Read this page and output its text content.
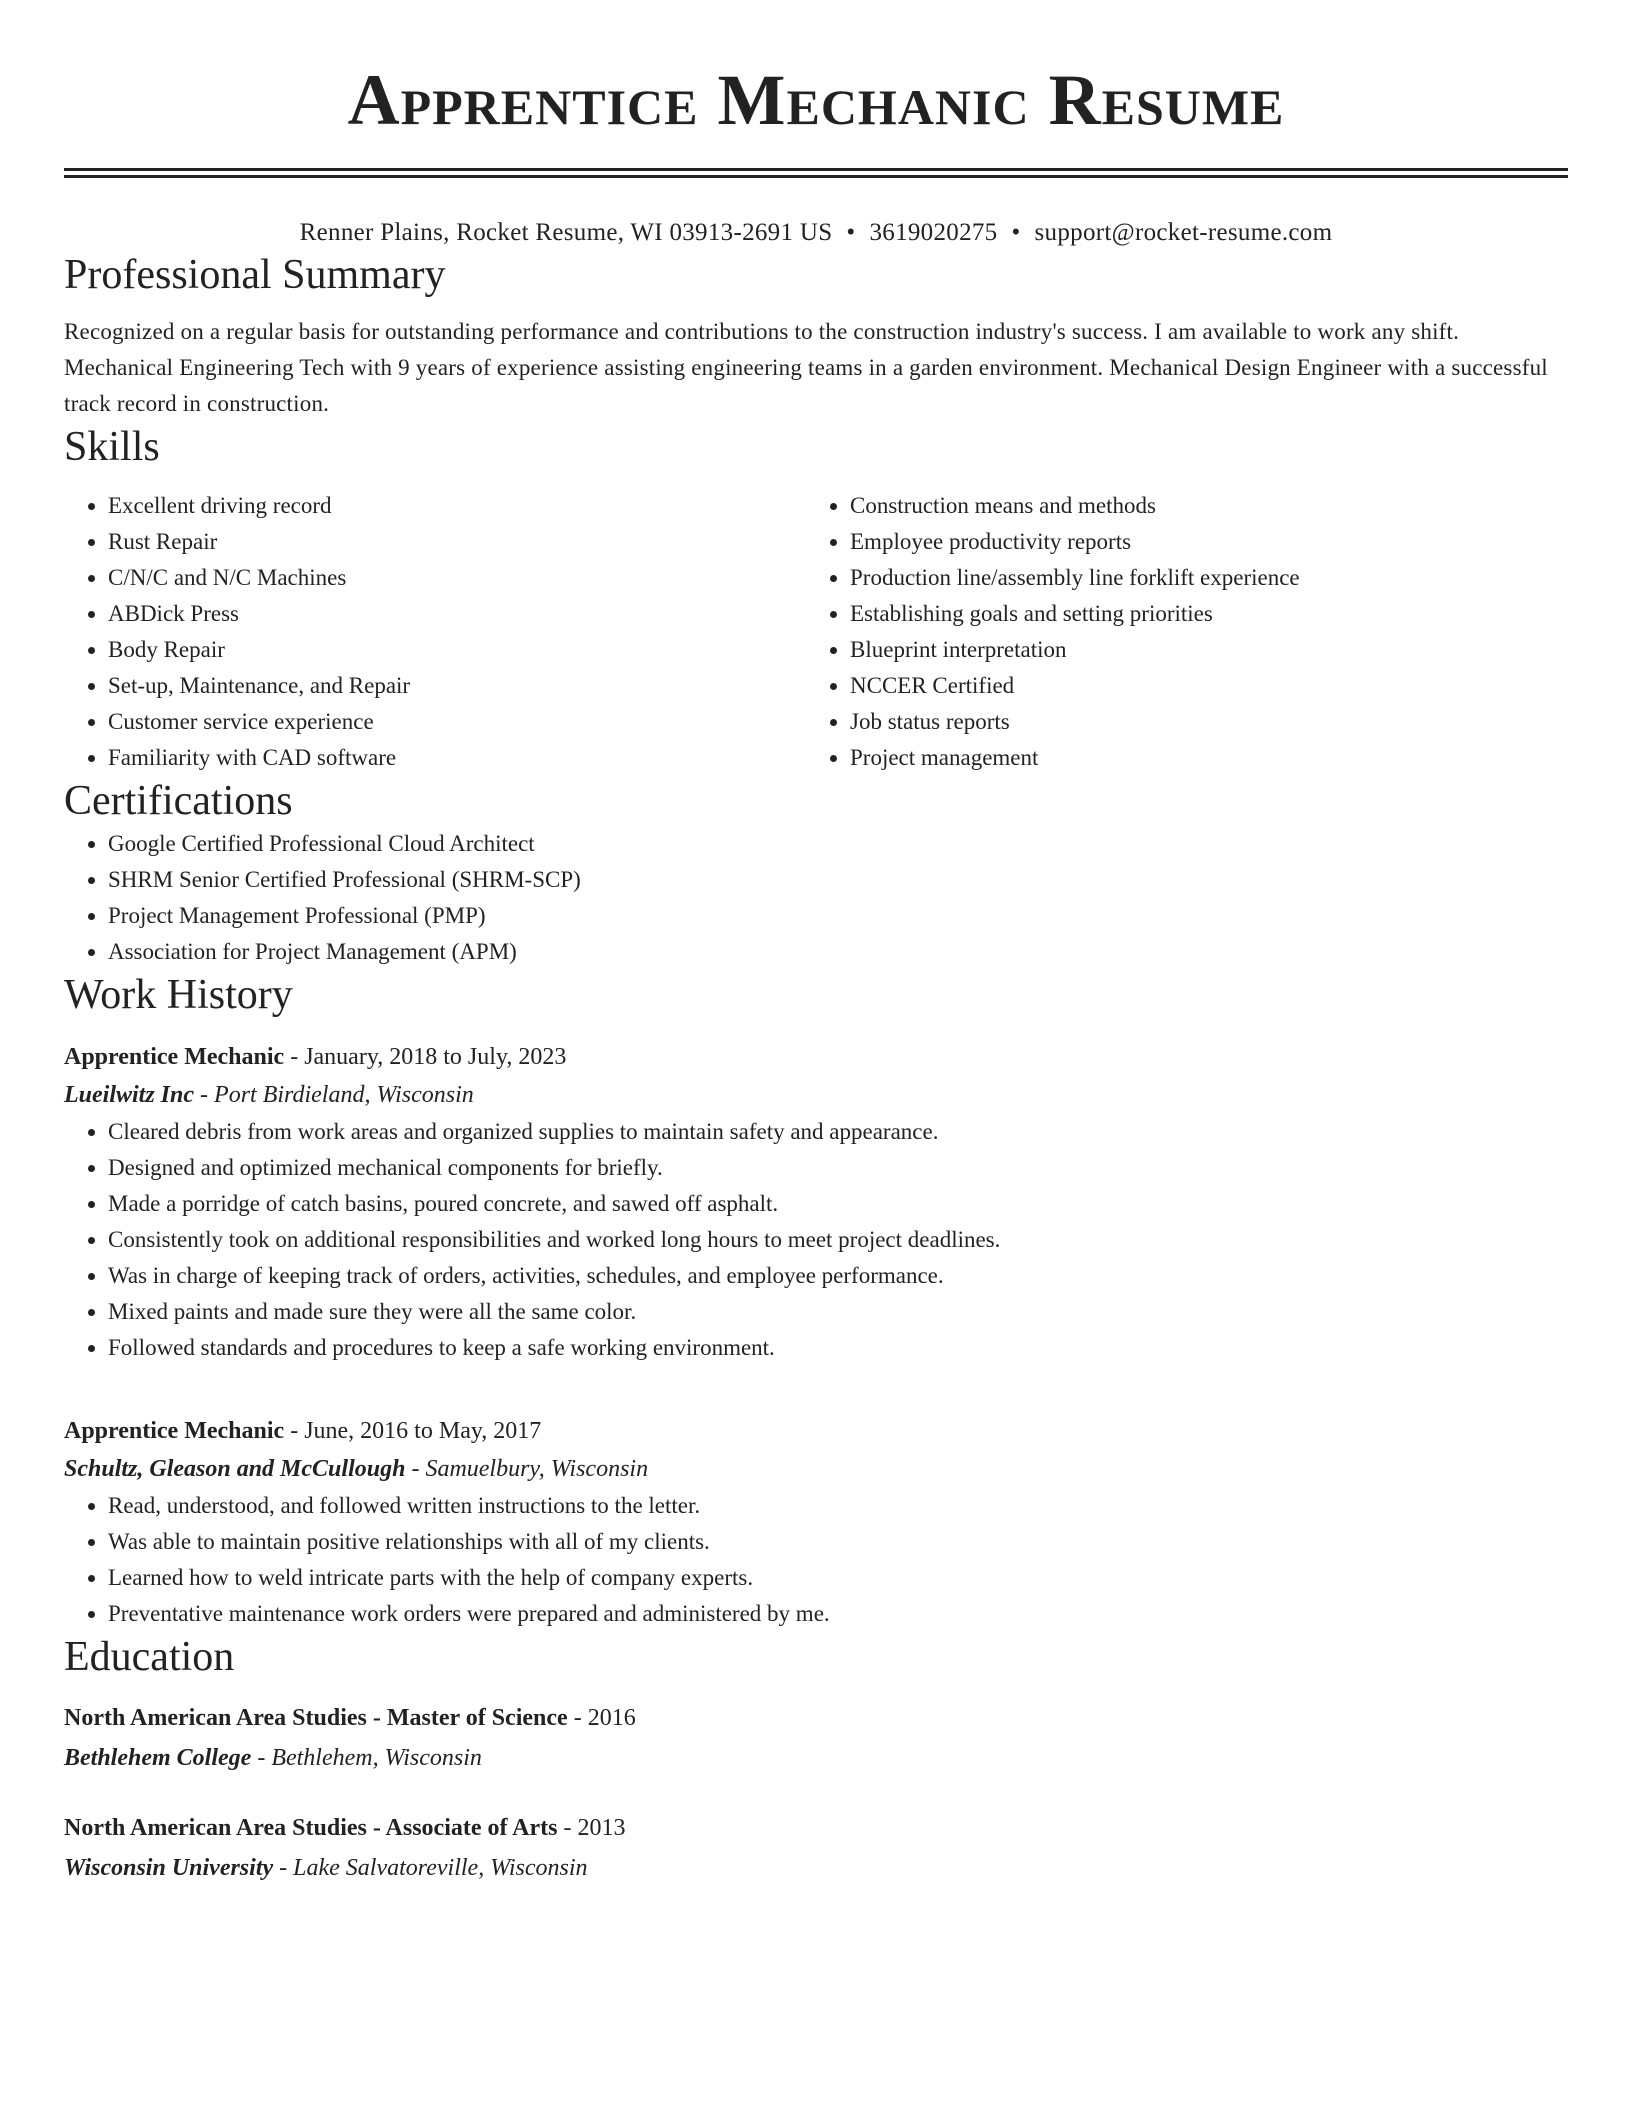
Apprentice Mechanic Resume
Renner Plains, Rocket Resume, WI 03913-2691 US • 3619020275 • support@rocket-resume.com
Professional Summary
Recognized on a regular basis for outstanding performance and contributions to the construction industry's success. I am available to work any shift. Mechanical Engineering Tech with 9 years of experience assisting engineering teams in a garden environment. Mechanical Design Engineer with a successful track record in construction.
Skills
• Excellent driving record
• Rust Repair
• C/N/C and N/C Machines
• ABDick Press
• Body Repair
• Set-up, Maintenance, and Repair
• Customer service experience
• Familiarity with CAD software
• Construction means and methods
• Employee productivity reports
• Production line/assembly line forklift experience
• Establishing goals and setting priorities
• Blueprint interpretation
• NCCER Certified
• Job status reports
• Project management
Certifications
• Google Certified Professional Cloud Architect
• SHRM Senior Certified Professional (SHRM-SCP)
• Project Management Professional (PMP)
• Association for Project Management (APM)
Work History
Apprentice Mechanic - January, 2018 to July, 2023
Lueilwitz Inc - Port Birdieland, Wisconsin
• Cleared debris from work areas and organized supplies to maintain safety and appearance.
• Designed and optimized mechanical components for briefly.
• Made a porridge of catch basins, poured concrete, and sawed off asphalt.
• Consistently took on additional responsibilities and worked long hours to meet project deadlines.
• Was in charge of keeping track of orders, activities, schedules, and employee performance.
• Mixed paints and made sure they were all the same color.
• Followed standards and procedures to keep a safe working environment.
Apprentice Mechanic - June, 2016 to May, 2017
Schultz, Gleason and McCullough - Samuelbury, Wisconsin
• Read, understood, and followed written instructions to the letter.
• Was able to maintain positive relationships with all of my clients.
• Learned how to weld intricate parts with the help of company experts.
• Preventative maintenance work orders were prepared and administered by me.
Education
North American Area Studies - Master of Science - 2016
Bethlehem College - Bethlehem, Wisconsin
North American Area Studies - Associate of Arts - 2013
Wisconsin University - Lake Salvatoreville, Wisconsin
